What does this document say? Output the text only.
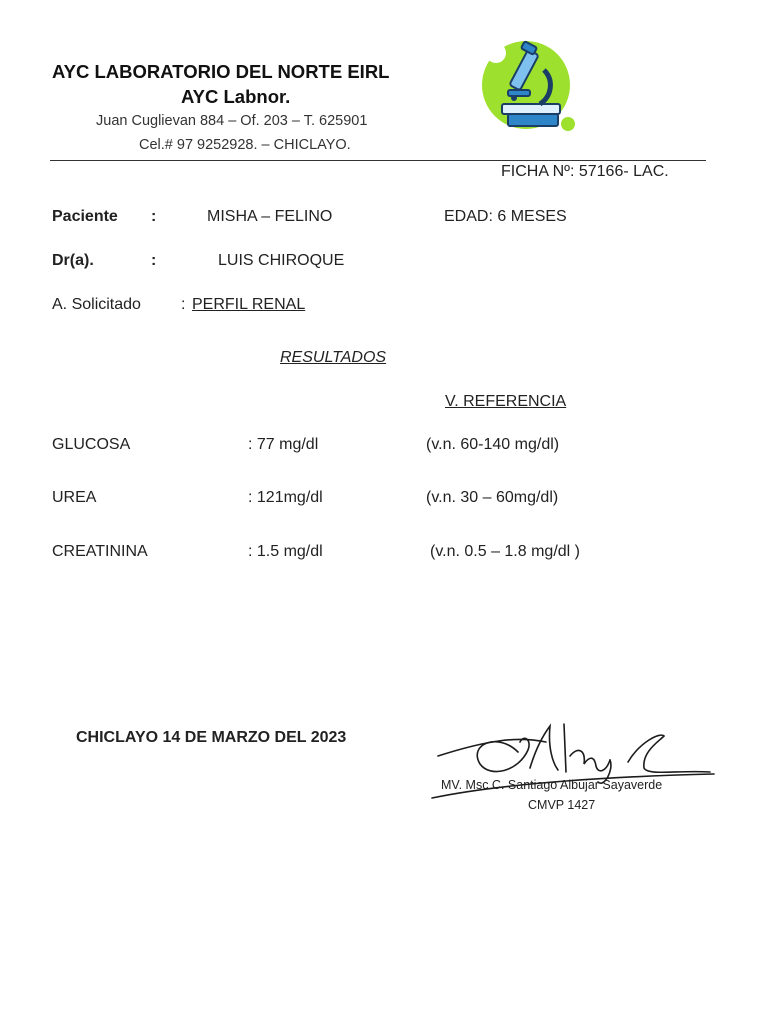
AYC LABORATORIO DEL NORTE EIRL
AYC Labnor.
Juan Cuglievan 884 – Of. 203 – T. 625901
Cel.# 97 9252928. – CHICLAYO.
FICHA Nº: 57166- LAC.
Paciente :	MISHA – FELINO	EDAD: 6 MESES
Dr(a).	:	LUIS CHIROQUE
A. Solicitado	: PERFIL RENAL
RESULTADOS
V. REFERENCIA
GLUCOSA	: 77 mg/dl	(v.n. 60-140 mg/dl)
UREA	: 121mg/dl	(v.n. 30 – 60mg/dl)
CREATININA	: 1.5 mg/dl	(v.n. 0.5 – 1.8 mg/dl )
CHICLAYO 14 DE MARZO DEL 2023
MV. Msc C. Santiago Albujar Sayaverde
CMVP 1427
